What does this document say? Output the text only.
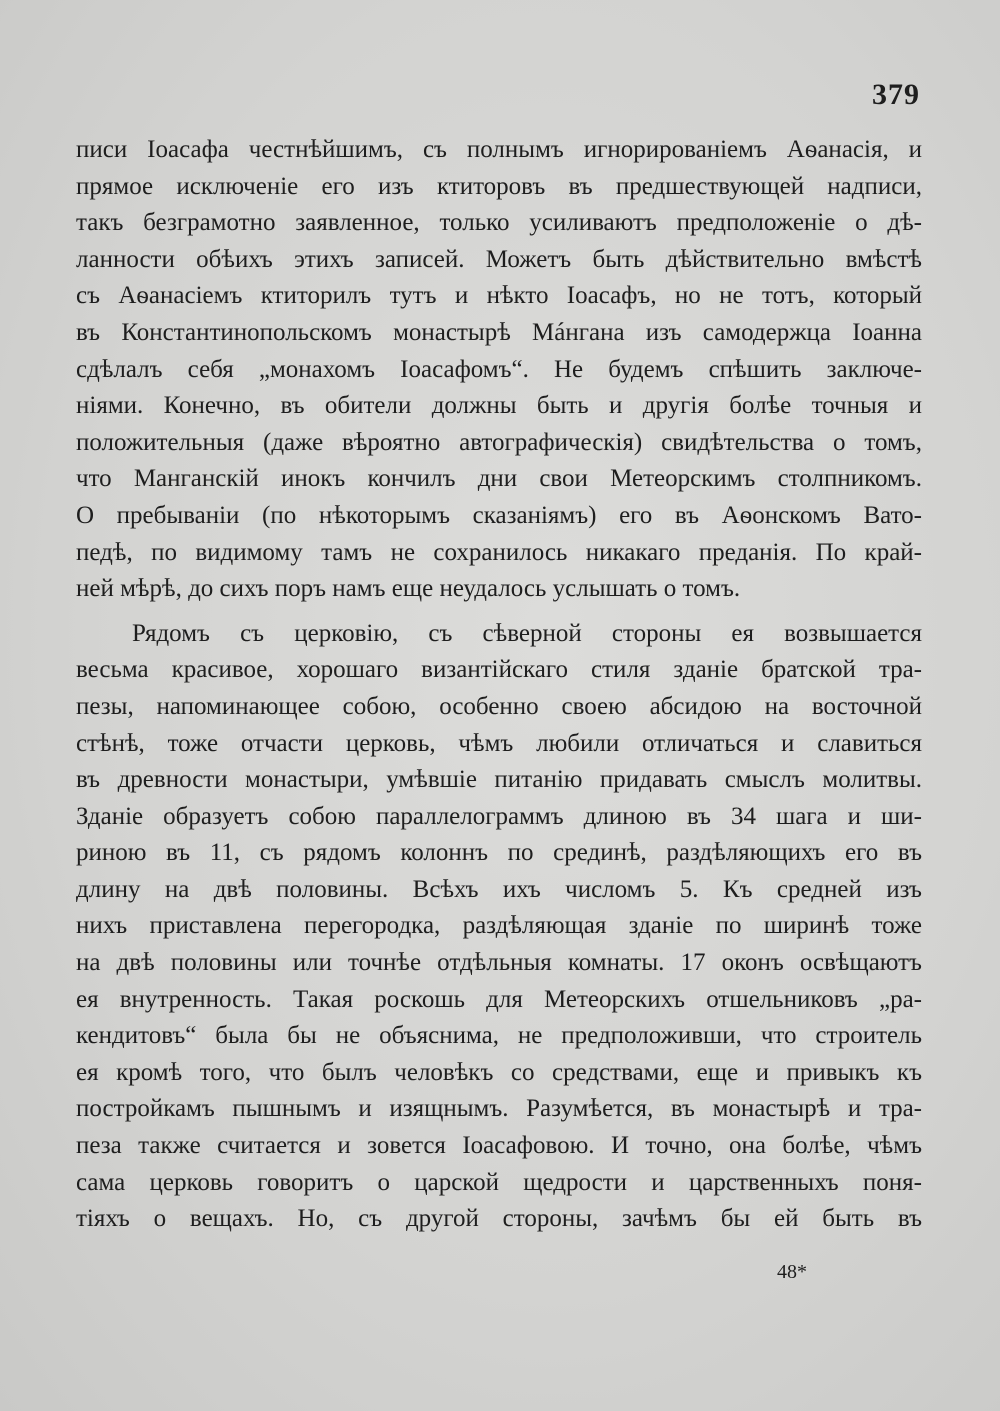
379
писи Іоасафа честнѣйшимъ, съ полнымъ игнорированіемъ Аѳанасія, и
прямое исключеніе его изъ ктиторовъ въ предшествующей надписи,
такъ безграмотно заявленное, только усиливаютъ предположеніе о дѣ-
ланности обѣихъ этихъ записей. Можетъ быть дѣйствительно вмѣстѣ
съ Аѳанасіемъ ктиторилъ тутъ и нѣкто Іоасафъ, но не тотъ, который
въ Константинопольскомъ монастырѣ Мáнгана изъ самодержца Іоанна
сдѣлалъ себя „монахомъ Іоасафомъ“. Не будемъ спѣшить заключе-
ніями. Конечно, въ обители должны быть и другія болѣе точныя и
положительныя (даже вѣроятно автографическія) свидѣтельства о томъ,
что Манганскій инокъ кончилъ дни свои Метеорскимъ столпникомъ.
О пребываніи (по нѣкоторымъ сказаніямъ) его въ Аѳонскомъ Вато-
педѣ, по видимому тамъ не сохранилось никакаго преданія. По край-
ней мѣрѣ, до сихъ поръ намъ еще неудалось услышать о томъ.
Рядомъ съ церковію, съ сѣверной стороны ея возвышается
весьма красивое, хорошаго византійскаго стиля зданіе братской тра-
пезы, напоминающее собою, особенно своею абсидою на восточной
стѣнѣ, тоже отчасти церковь, чѣмъ любили отличаться и славиться
въ древности монастыри, умѣвшіе питанію придавать смыслъ молитвы.
Зданіе образуетъ собою параллелограммъ длиною въ 34 шага и ши-
риною въ 11, съ рядомъ колоннъ по срединѣ, раздѣляющихъ его въ
длину на двѣ половины. Всѣхъ ихъ числомъ 5. Къ средней изъ
нихъ приставлена перегородка, раздѣляющая зданіе по ширинѣ тоже
на двѣ половины или точнѣе отдѣльныя комнаты. 17 оконъ освѣщаютъ
ея внутренность. Такая роскошь для Метеорскихъ отшельниковъ „ра-
кендитовъ“ была бы не объяснима, не предположивши, что строитель
ея кромѣ того, что былъ человѣкъ со средствами, еще и привыкъ къ
постройкамъ пышнымъ и изящнымъ. Разумѣется, въ монастырѣ и тра-
пеза также считается и зовется Іоасафовою. И точно, она болѣе, чѣмъ
сама церковь говоритъ о царской щедрости и царственныхъ поня-
тіяхъ о вещахъ. Но, съ другой стороны, зачѣмъ бы ей быть въ
48*
